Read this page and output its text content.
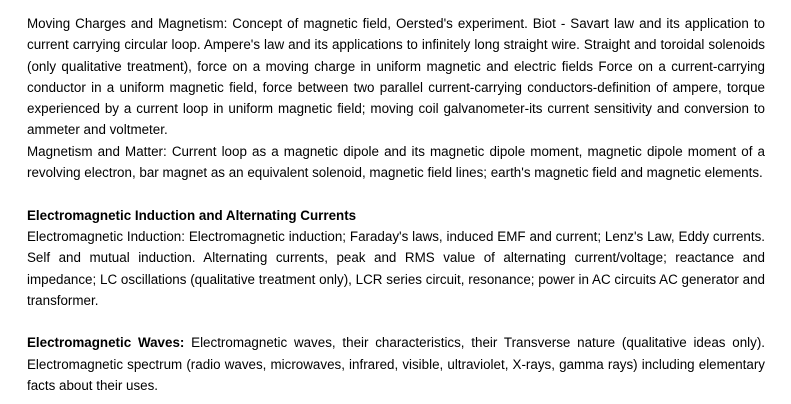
Moving Charges and Magnetism: Concept of magnetic field, Oersted's experiment. Biot - Savart law and its application to current carrying circular loop. Ampere's law and its applications to infinitely long straight wire. Straight and toroidal solenoids (only qualitative treatment), force on a moving charge in uniform magnetic and electric fields Force on a current-carrying conductor in a uniform magnetic field, force between two parallel current-carrying conductors-definition of ampere, torque experienced by a current loop in uniform magnetic field; moving coil galvanometer-its current sensitivity and conversion to ammeter and voltmeter.

Magnetism and Matter: Current loop as a magnetic dipole and its magnetic dipole moment, magnetic dipole moment of a revolving electron, bar magnet as an equivalent solenoid, magnetic field lines; earth's magnetic field and magnetic elements.

Electromagnetic Induction and Alternating Currents

Electromagnetic Induction: Electromagnetic induction; Faraday's laws, induced EMF and current; Lenz's Law, Eddy currents. Self and mutual induction. Alternating currents, peak and RMS value of alternating current/voltage; reactance and impedance; LC oscillations (qualitative treatment only), LCR series circuit, resonance; power in AC circuits AC generator and transformer.

Electromagnetic Waves: Electromagnetic waves, their characteristics, their Transverse nature (qualitative ideas only). Electromagnetic spectrum (radio waves, microwaves, infrared, visible, ultraviolet, X-rays, gamma rays) including elementary facts about their uses.
